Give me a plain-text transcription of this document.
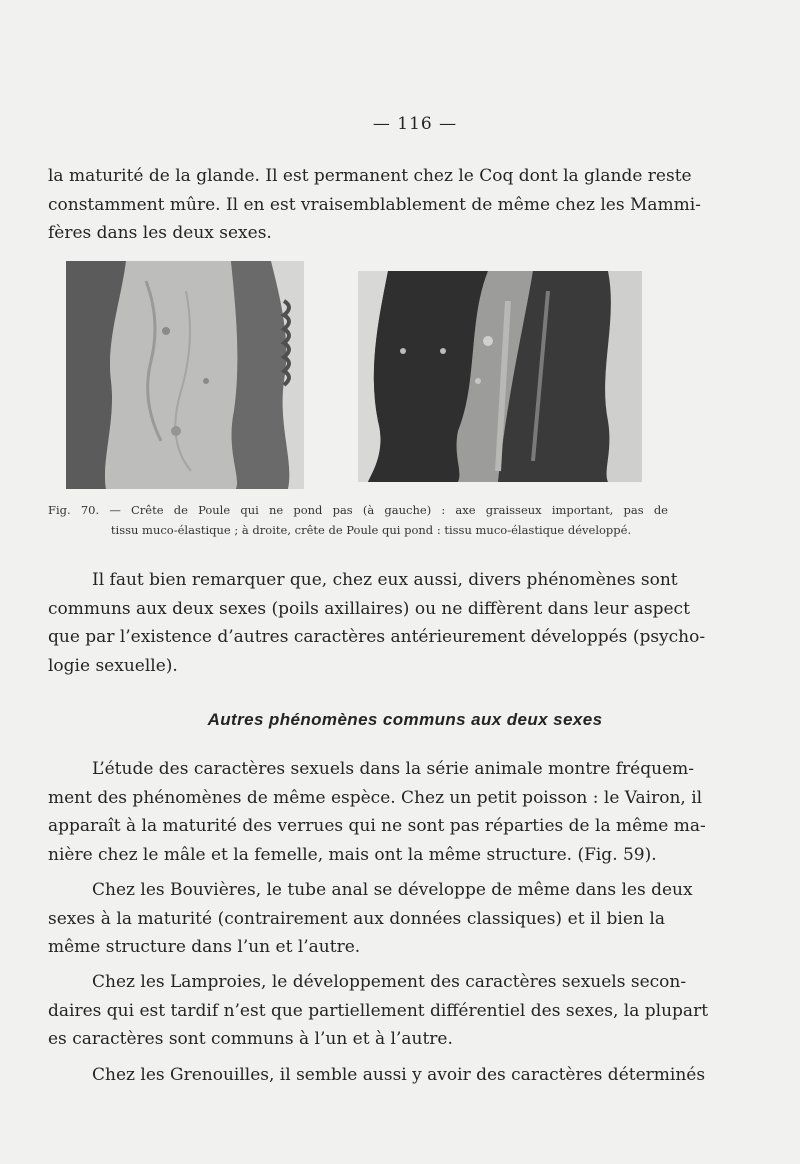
— 116 —

la maturité de la glande. Il est permanent chez le Coq dont la glande reste
constamment mûre. Il en est vraisemblablement de même chez les Mammi-
fères dans les deux sexes.

Fig. 70. — Crête de Poule qui ne pond pas (à gauche) : axe graisseux important, pas de
tissu muco-élastique ; à droite, crête de Poule qui pond : tissu muco-élastique développé.

Il faut bien remarquer que, chez eux aussi, divers phénomènes sont
communs aux deux sexes (poils axillaires) ou ne diffèrent dans leur aspect
que par l’existence d’autres caractères antérieurement développés (psycho-
logie sexuelle).

Autres phénomènes communs aux deux sexes

L’étude des caractères sexuels dans la série animale montre fréquem-
ment des phénomènes de même espèce. Chez un petit poisson : le Vairon, il
apparaît à la maturité des verrues qui ne sont pas réparties de la même ma-
nière chez le mâle et la femelle, mais ont la même structure. (Fig. 59).

Chez les Bouvières, le tube anal se développe de même dans les deux
sexes à la maturité (contrairement aux données classiques) et il bien la
même structure dans l’un et l’autre.

Chez les Lamproies, le développement des caractères sexuels secon-
daires qui est tardif n’est que partiellement différentiel des sexes, la plupart
es caractères sont communs à l’un et à l’autre.

Chez les Grenouilles, il semble aussi y avoir des caractères déterminés
